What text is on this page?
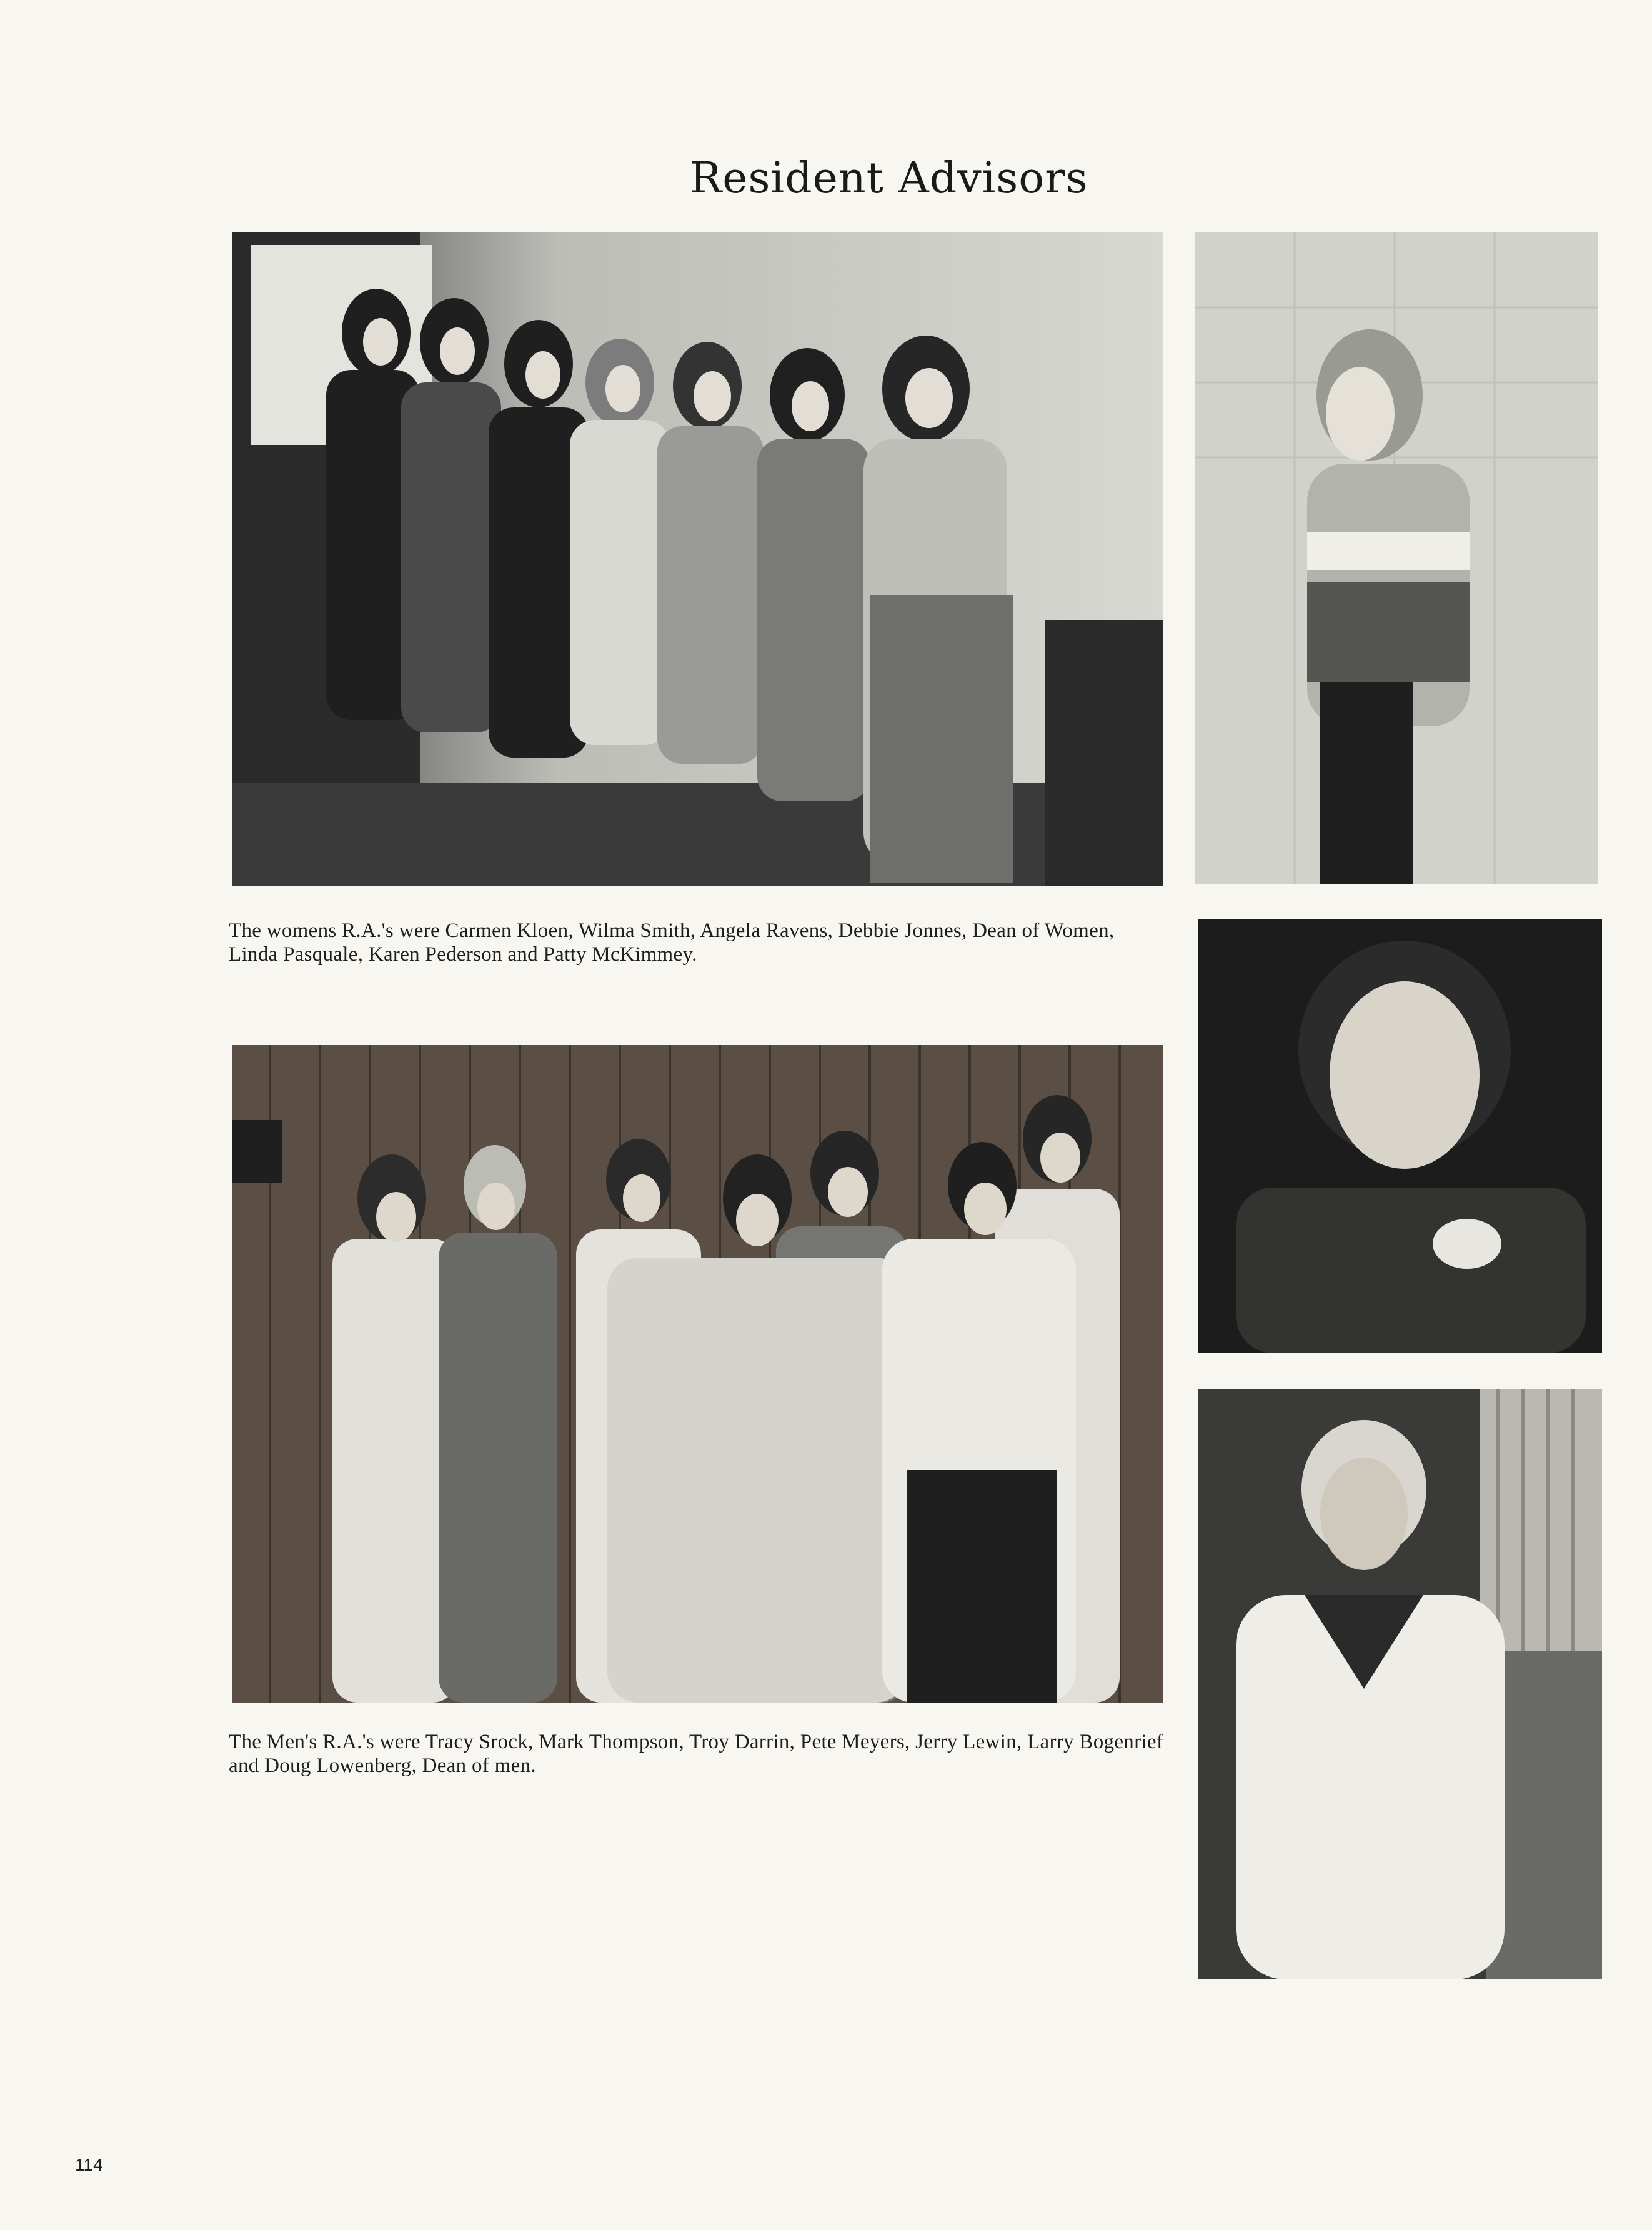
Resident Advisors

The womens R.A.'s were Carmen Kloen, Wilma Smith, Angela Ravens, Debbie Jonnes, Dean of Women, Linda Pasquale, Karen Pederson and Patty McKimmey.

The Men's R.A.'s were Tracy Srock, Mark Thompson, Troy Darrin, Pete Meyers, Jerry Lewin, Larry Bogenrief and Doug Lowenberg, Dean of men.

114
